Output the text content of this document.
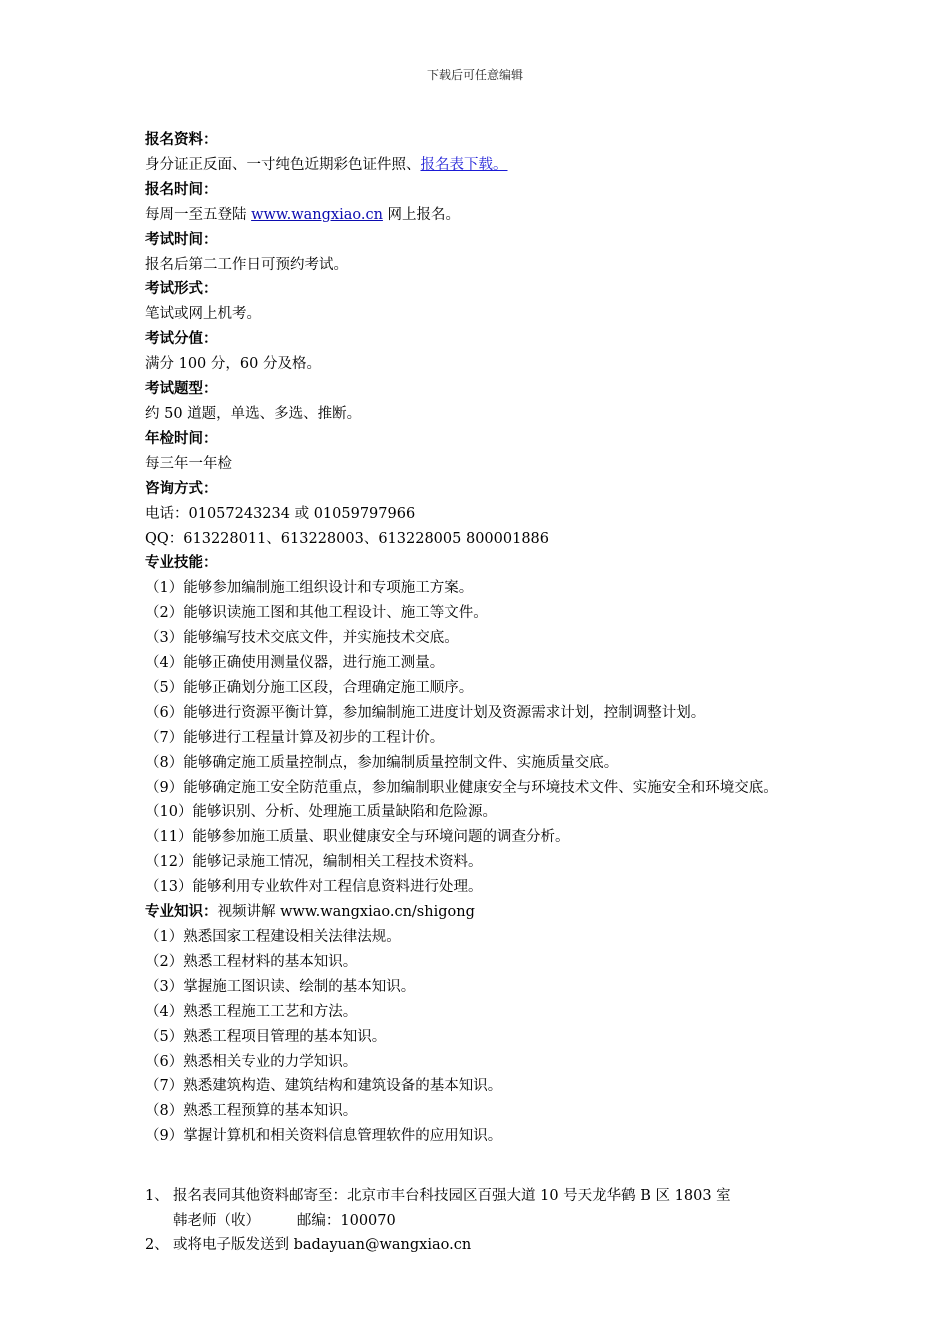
下载后可任意编辑

报名资料：

身分证正反面、一寸纯色近期彩色证件照、报名表下载。

报名时间：

每周一至五登陆 www.wangxiao.cn 网上报名。

考试时间：

报名后第二工作日可预约考试。

考试形式：

笔试或网上机考。

考试分值：

满分 100 分，60 分及格。

考试题型：

约 50 道题，单选、多选、推断。

年检时间：

每三年一年检

咨询方式：

电话：01057243234 或 01059797966

QQ：613228011、613228003、613228005 800001886

专业技能：

（1）能够参加编制施工组织设计和专项施工方案。

（2）能够识读施工图和其他工程设计、施工等文件。

（3）能够编写技术交底文件，并实施技术交底。

（4）能够正确使用测量仪器，进行施工测量。

（5）能够正确划分施工区段，合理确定施工顺序。

（6）能够进行资源平衡计算，参加编制施工进度计划及资源需求计划，控制调整计划。

（7）能够进行工程量计算及初步的工程计价。

（8）能够确定施工质量控制点，参加编制质量控制文件、实施质量交底。

（9）能够确定施工安全防范重点，参加编制职业健康安全与环境技术文件、实施安全和环境交底。

（10）能够识别、分析、处理施工质量缺陷和危险源。

（11）能够参加施工质量、职业健康安全与环境问题的调查分析。

（12）能够记录施工情况，编制相关工程技术资料。

（13）能够利用专业软件对工程信息资料进行处理。

专业知识：视频讲解 www.wangxiao.cn/shigong

（1）熟悉国家工程建设相关法律法规。

（2）熟悉工程材料的基本知识。

（3）掌握施工图识读、绘制的基本知识。

（4）熟悉工程施工工艺和方法。

（5）熟悉工程项目管理的基本知识。

（6）熟悉相关专业的力学知识。

（7）熟悉建筑构造、建筑结构和建筑设备的基本知识。

（8）熟悉工程预算的基本知识。

（9）掌握计算机和相关资料信息管理软件的应用知识。

1、 报名表同其他资料邮寄至：北京市丰台科技园区百强大道 10 号天龙华鹤 B 区 1803 室
韩老师（收）        邮编：100070
2、 或将电子版发送到 badayuan@wangxiao.cn
